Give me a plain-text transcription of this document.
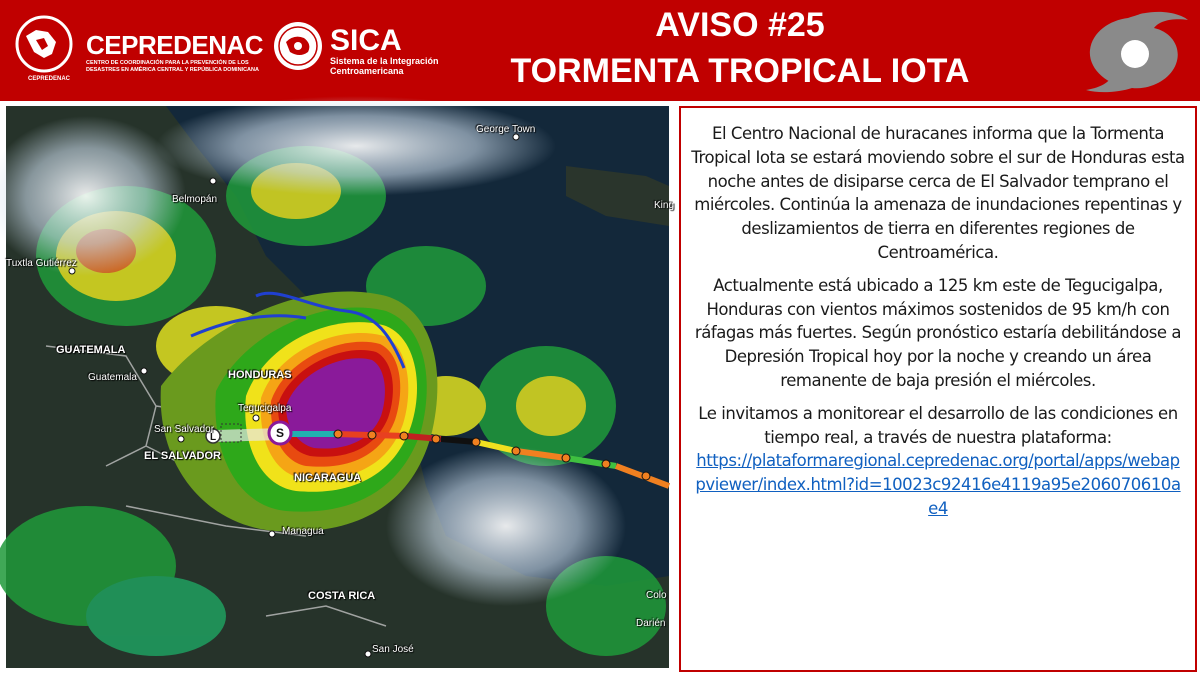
CEPREDENAC
CEPREDENAC
CENTRO DE COORDINACIÓN PARA LA PREVENCIÓN DE LOS DESASTRES EN AMÉRICA CENTRAL Y REPÚBLICA DOMINICANA
SICA
Sistema de la Integración
Centroamericana
AVISO #25
TORMENTA TROPICAL IOTA
S
L
George Town
King
Belmopán
Tuxtla Gutiérrez
GUATEMALA
Guatemala	HONDURAS
Tegucigalpa
San Salvador
EL SALVADOR
NICARAGUA
Managua
COSTA RICA
San José
Colo
Darién

El Centro Nacional de huracanes informa que la Tormenta Tropical Iota se estará moviendo sobre el sur de Honduras esta noche antes de disiparse cerca de El Salvador temprano el miércoles. Continúa la amenaza de inundaciones repentinas y deslizamientos de tierra en diferentes regiones de Centroamérica.

Actualmente está ubicado a 125 km este de Tegucigalpa, Honduras con vientos máximos sostenidos de 95 km/h con ráfagas más fuertes. Según pronóstico estaría debilitándose a Depresión Tropical hoy por la noche y creando un área remanente de baja presión el miércoles.

Le invitamos a monitorear el desarrollo de las condiciones en tiempo real, a través de nuestra plataforma:

https://plataformaregional.cepredenac.org/portal/apps/webappviewer/index.html?id=10023c92416e4119a95e206070610ae4
